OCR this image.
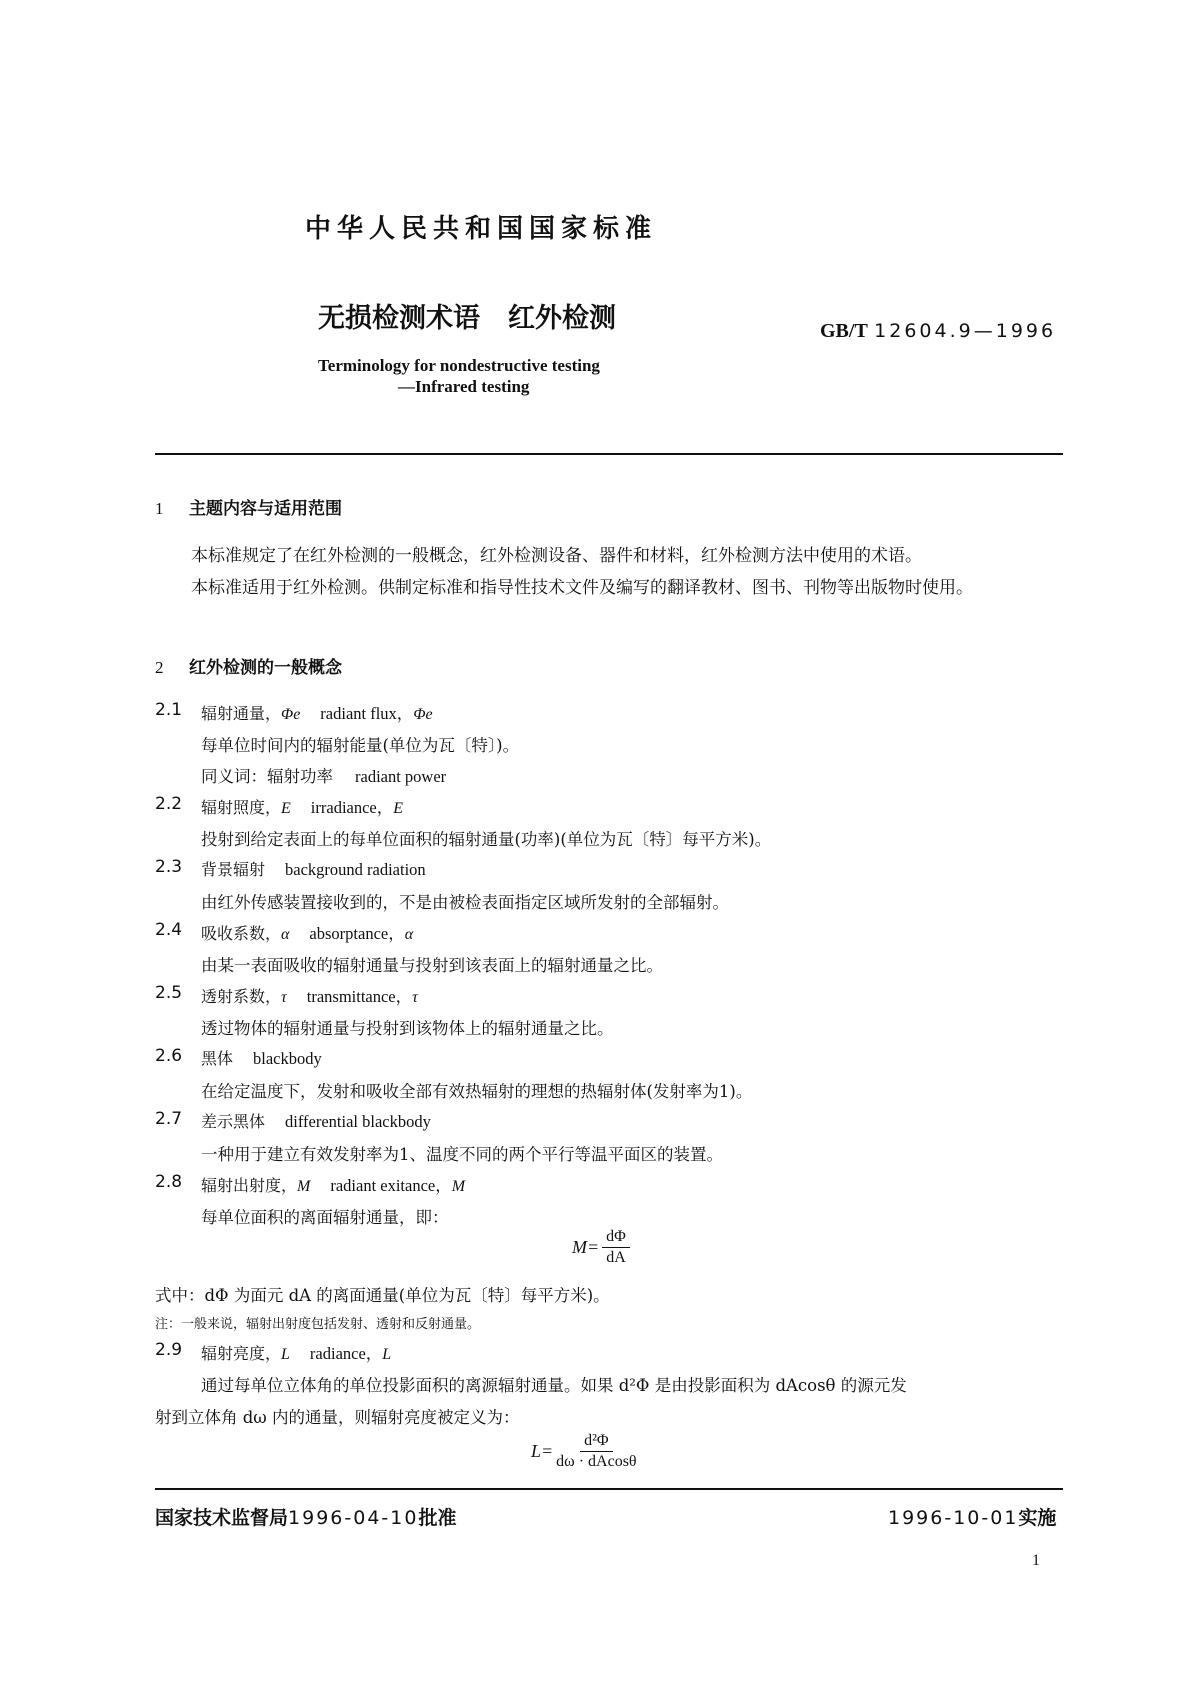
中华人民共和国国家标准
无损检测术语 红外检测	GB/T 12604.9—1996
Terminology for nondestructive testing
—Infrared testing
1 主题内容与适用范围
本标准规定了在红外检测的一般概念，红外检测设备、器件和材料，红外检测方法中使用的术语。
本标准适用于红外检测。供制定标准和指导性技术文件及编写的翻译教材、图书、刊物等出版物时使用。
2 红外检测的一般概念
2.1 辐射通量，Φe radiant flux，Φe
每单位时间内的辐射能量(单位为瓦〔特〕)。
同义词：辐射功率 radiant power
2.2 辐射照度，E irradiance，E
投射到给定表面上的每单位面积的辐射通量(功率)(单位为瓦〔特〕每平方米)。
2.3 背景辐射 background radiation
由红外传感装置接收到的，不是由被检表面指定区域所发射的全部辐射。
2.4 吸收系数，α absorptance，α
由某一表面吸收的辐射通量与投射到该表面上的辐射通量之比。
2.5 透射系数，τ transmittance，τ
透过物体的辐射通量与投射到该物体上的辐射通量之比。
2.6 黑体 blackbody
在给定温度下，发射和吸收全部有效热辐射的理想的热辐射体(发射率为1)。
2.7 差示黑体 differential blackbody
一种用于建立有效发射率为1、温度不同的两个平行等温平面区的装置。
2.8 辐射出射度，M radiant exitance，M
每单位面积的离面辐射通量，即：
$M= \frac{d\Phi}{dA}$
式中：dΦ 为面元 dA 的离面通量(单位为瓦〔特〕每平方米)。
注：一般来说，辐射出射度包括发射、透射和反射通量。
2.9 辐射亮度，L radiance，L
通过每单位立体角的单位投影面积的离源辐射通量。如果 d²Φ 是由投影面积为 dAcosθ 的源元发
射到立体角 dω 内的通量，则辐射亮度被定义为：
$L= \frac{\text{d²Φ}}{d\omega \cdot dAcos\theta}$
国家技术监督局1996-04-10批准	1996-10-01实施
1
